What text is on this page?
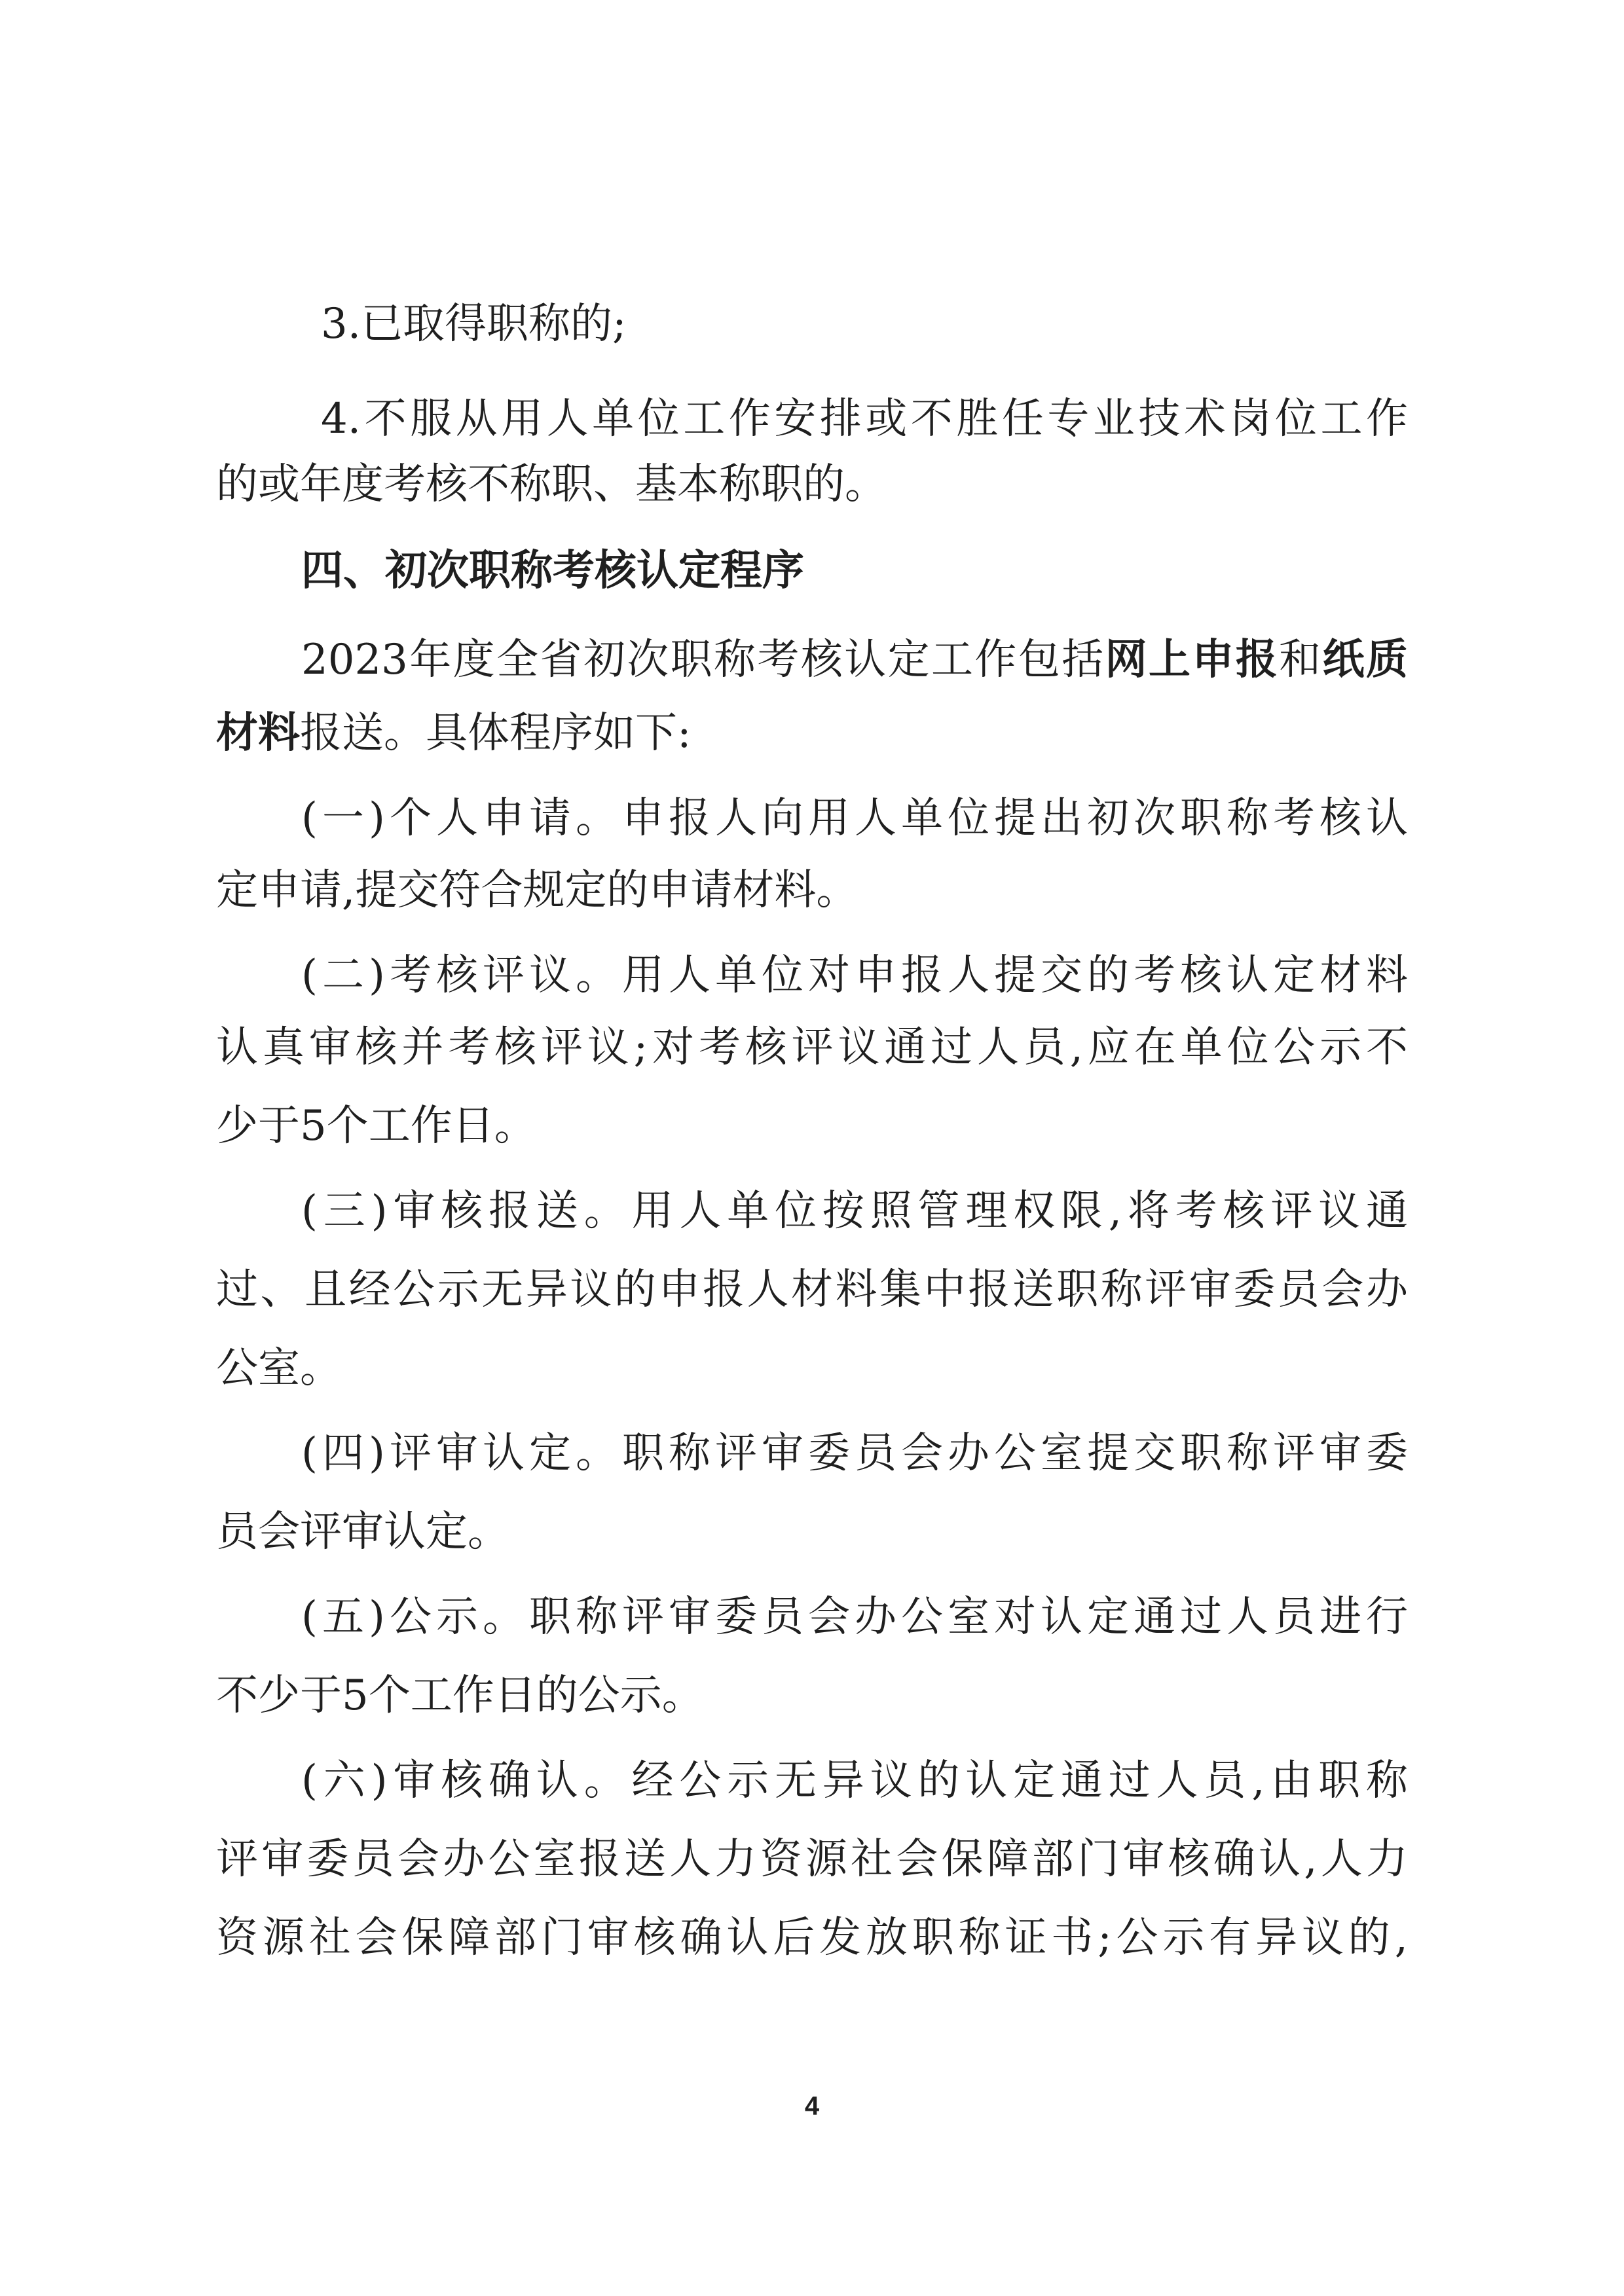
3.已取得职称的;
4.不服从用人单位工作安排或不胜任专业技术岗位工作
的或年度考核不称职、基本称职的。
四、初次职称考核认定程序
2023年度全省初次职称考核认定工作包括网上申报和纸质
材料报送。具体程序如下:
(一)个人申请。申报人向用人单位提出初次职称考核认
定申请,提交符合规定的申请材料。
(二)考核评议。用人单位对申报人提交的考核认定材料
认真审核并考核评议;对考核评议通过人员,应在单位公示不
少于5个工作日。
(三)审核报送。用人单位按照管理权限,将考核评议通
过、且经公示无异议的申报人材料集中报送职称评审委员会办
公室。
(四)评审认定。职称评审委员会办公室提交职称评审委
员会评审认定。
(五)公示。职称评审委员会办公室对认定通过人员进行
不少于5个工作日的公示。
(六)审核确认。经公示无异议的认定通过人员,由职称
评审委员会办公室报送人力资源社会保障部门审核确认,人力
资源社会保障部门审核确认后发放职称证书;公示有异议的,
4
